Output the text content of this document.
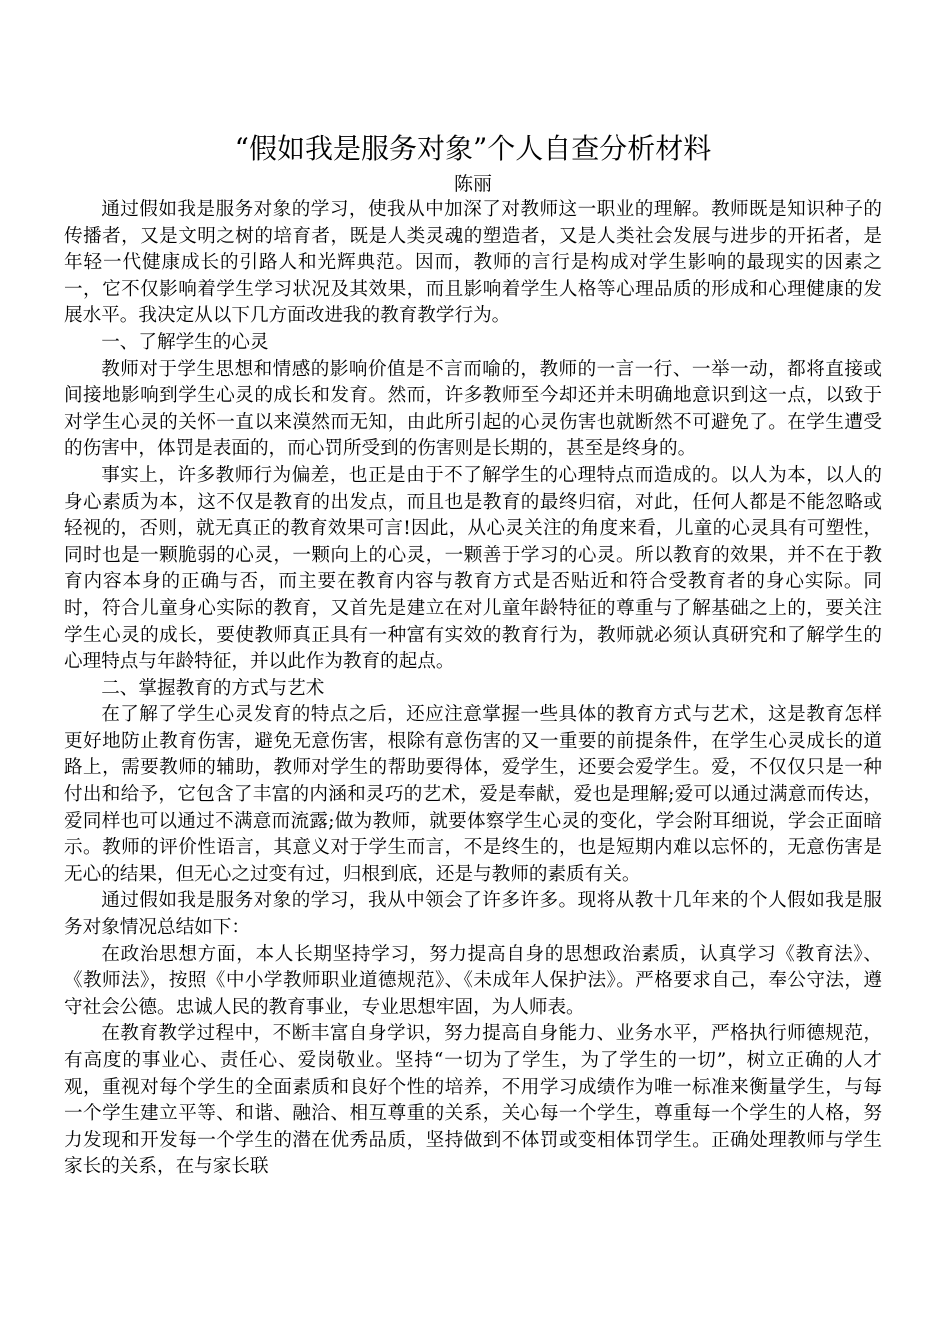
“假如我是服务对象”个人自查分析材料

陈丽

通过假如我是服务对象的学习，使我从中加深了对教师这一职业的理解。教师既是知识种子的传播者，又是文明之树的培育者，既是人类灵魂的塑造者，又是人类社会发展与进步的开拓者，是年轻一代健康成长的引路人和光辉典范。因而，教师的言行是构成对学生影响的最现实的因素之一，它不仅影响着学生学习状况及其效果，而且影响着学生人格等心理品质的形成和心理健康的发展水平。我决定从以下几方面改进我的教育教学行为。

一、了解学生的心灵

教师对于学生思想和情感的影响价值是不言而喻的，教师的一言一行、一举一动，都将直接或间接地影响到学生心灵的成长和发育。然而，许多教师至今却还并未明确地意识到这一点，以致于对学生心灵的关怀一直以来漠然而无知，由此所引起的心灵伤害也就断然不可避免了。在学生遭受的伤害中，体罚是表面的，而心罚所受到的伤害则是长期的，甚至是终身的。

事实上，许多教师行为偏差，也正是由于不了解学生的心理特点而造成的。以人为本，以人的身心素质为本，这不仅是教育的出发点，而且也是教育的最终归宿，对此，任何人都是不能忽略或轻视的，否则，就无真正的教育效果可言!因此，从心灵关注的角度来看，儿童的心灵具有可塑性，同时也是一颗脆弱的心灵，一颗向上的心灵，一颗善于学习的心灵。所以教育的效果，并不在于教育内容本身的正确与否，而主要在教育内容与教育方式是否贴近和符合受教育者的身心实际。同时，符合儿童身心实际的教育，又首先是建立在对儿童年龄特征的尊重与了解基础之上的，要关注学生心灵的成长，要使教师真正具有一种富有实效的教育行为，教师就必须认真研究和了解学生的心理特点与年龄特征，并以此作为教育的起点。

二、掌握教育的方式与艺术

在了解了学生心灵发育的特点之后，还应注意掌握一些具体的教育方式与艺术，这是教育怎样更好地防止教育伤害，避免无意伤害，根除有意伤害的又一重要的前提条件，在学生心灵成长的道路上，需要教师的辅助，教师对学生的帮助要得体，爱学生，还要会爱学生。爱，不仅仅只是一种付出和给予，它包含了丰富的内涵和灵巧的艺术，爱是奉献，爱也是理解;爱可以通过满意而传达，爱同样也可以通过不满意而流露;做为教师，就要体察学生心灵的变化，学会附耳细说，学会正面暗示。教师的评价性语言，其意义对于学生而言，不是终生的，也是短期内难以忘怀的，无意伤害是无心的结果，但无心之过变有过，归根到底，还是与教师的素质有关。

通过假如我是服务对象的学习，我从中领会了许多许多。现将从教十几年来的个人假如我是服务对象情况总结如下：

在政治思想方面，本人长期坚持学习，努力提高自身的思想政治素质，认真学习《教育法》、《教师法》，按照《中小学教师职业道德规范》、《未成年人保护法》。严格要求自己，奉公守法，遵守社会公德。忠诚人民的教育事业，专业思想牢固，为人师表。

在教育教学过程中，不断丰富自身学识，努力提高自身能力、业务水平，严格执行师德规范，有高度的事业心、责任心、爱岗敬业。坚持“一切为了学生，为了学生的一切”，树立正确的人才观，重视对每个学生的全面素质和良好个性的培养，不用学习成绩作为唯一标准来衡量学生，与每一个学生建立平等、和谐、融洽、相互尊重的关系，关心每一个学生，尊重每一个学生的人格，努力发现和开发每一个学生的潜在优秀品质，坚持做到不体罚或变相体罚学生。正确处理教师与学生家长的关系，在与家长联
